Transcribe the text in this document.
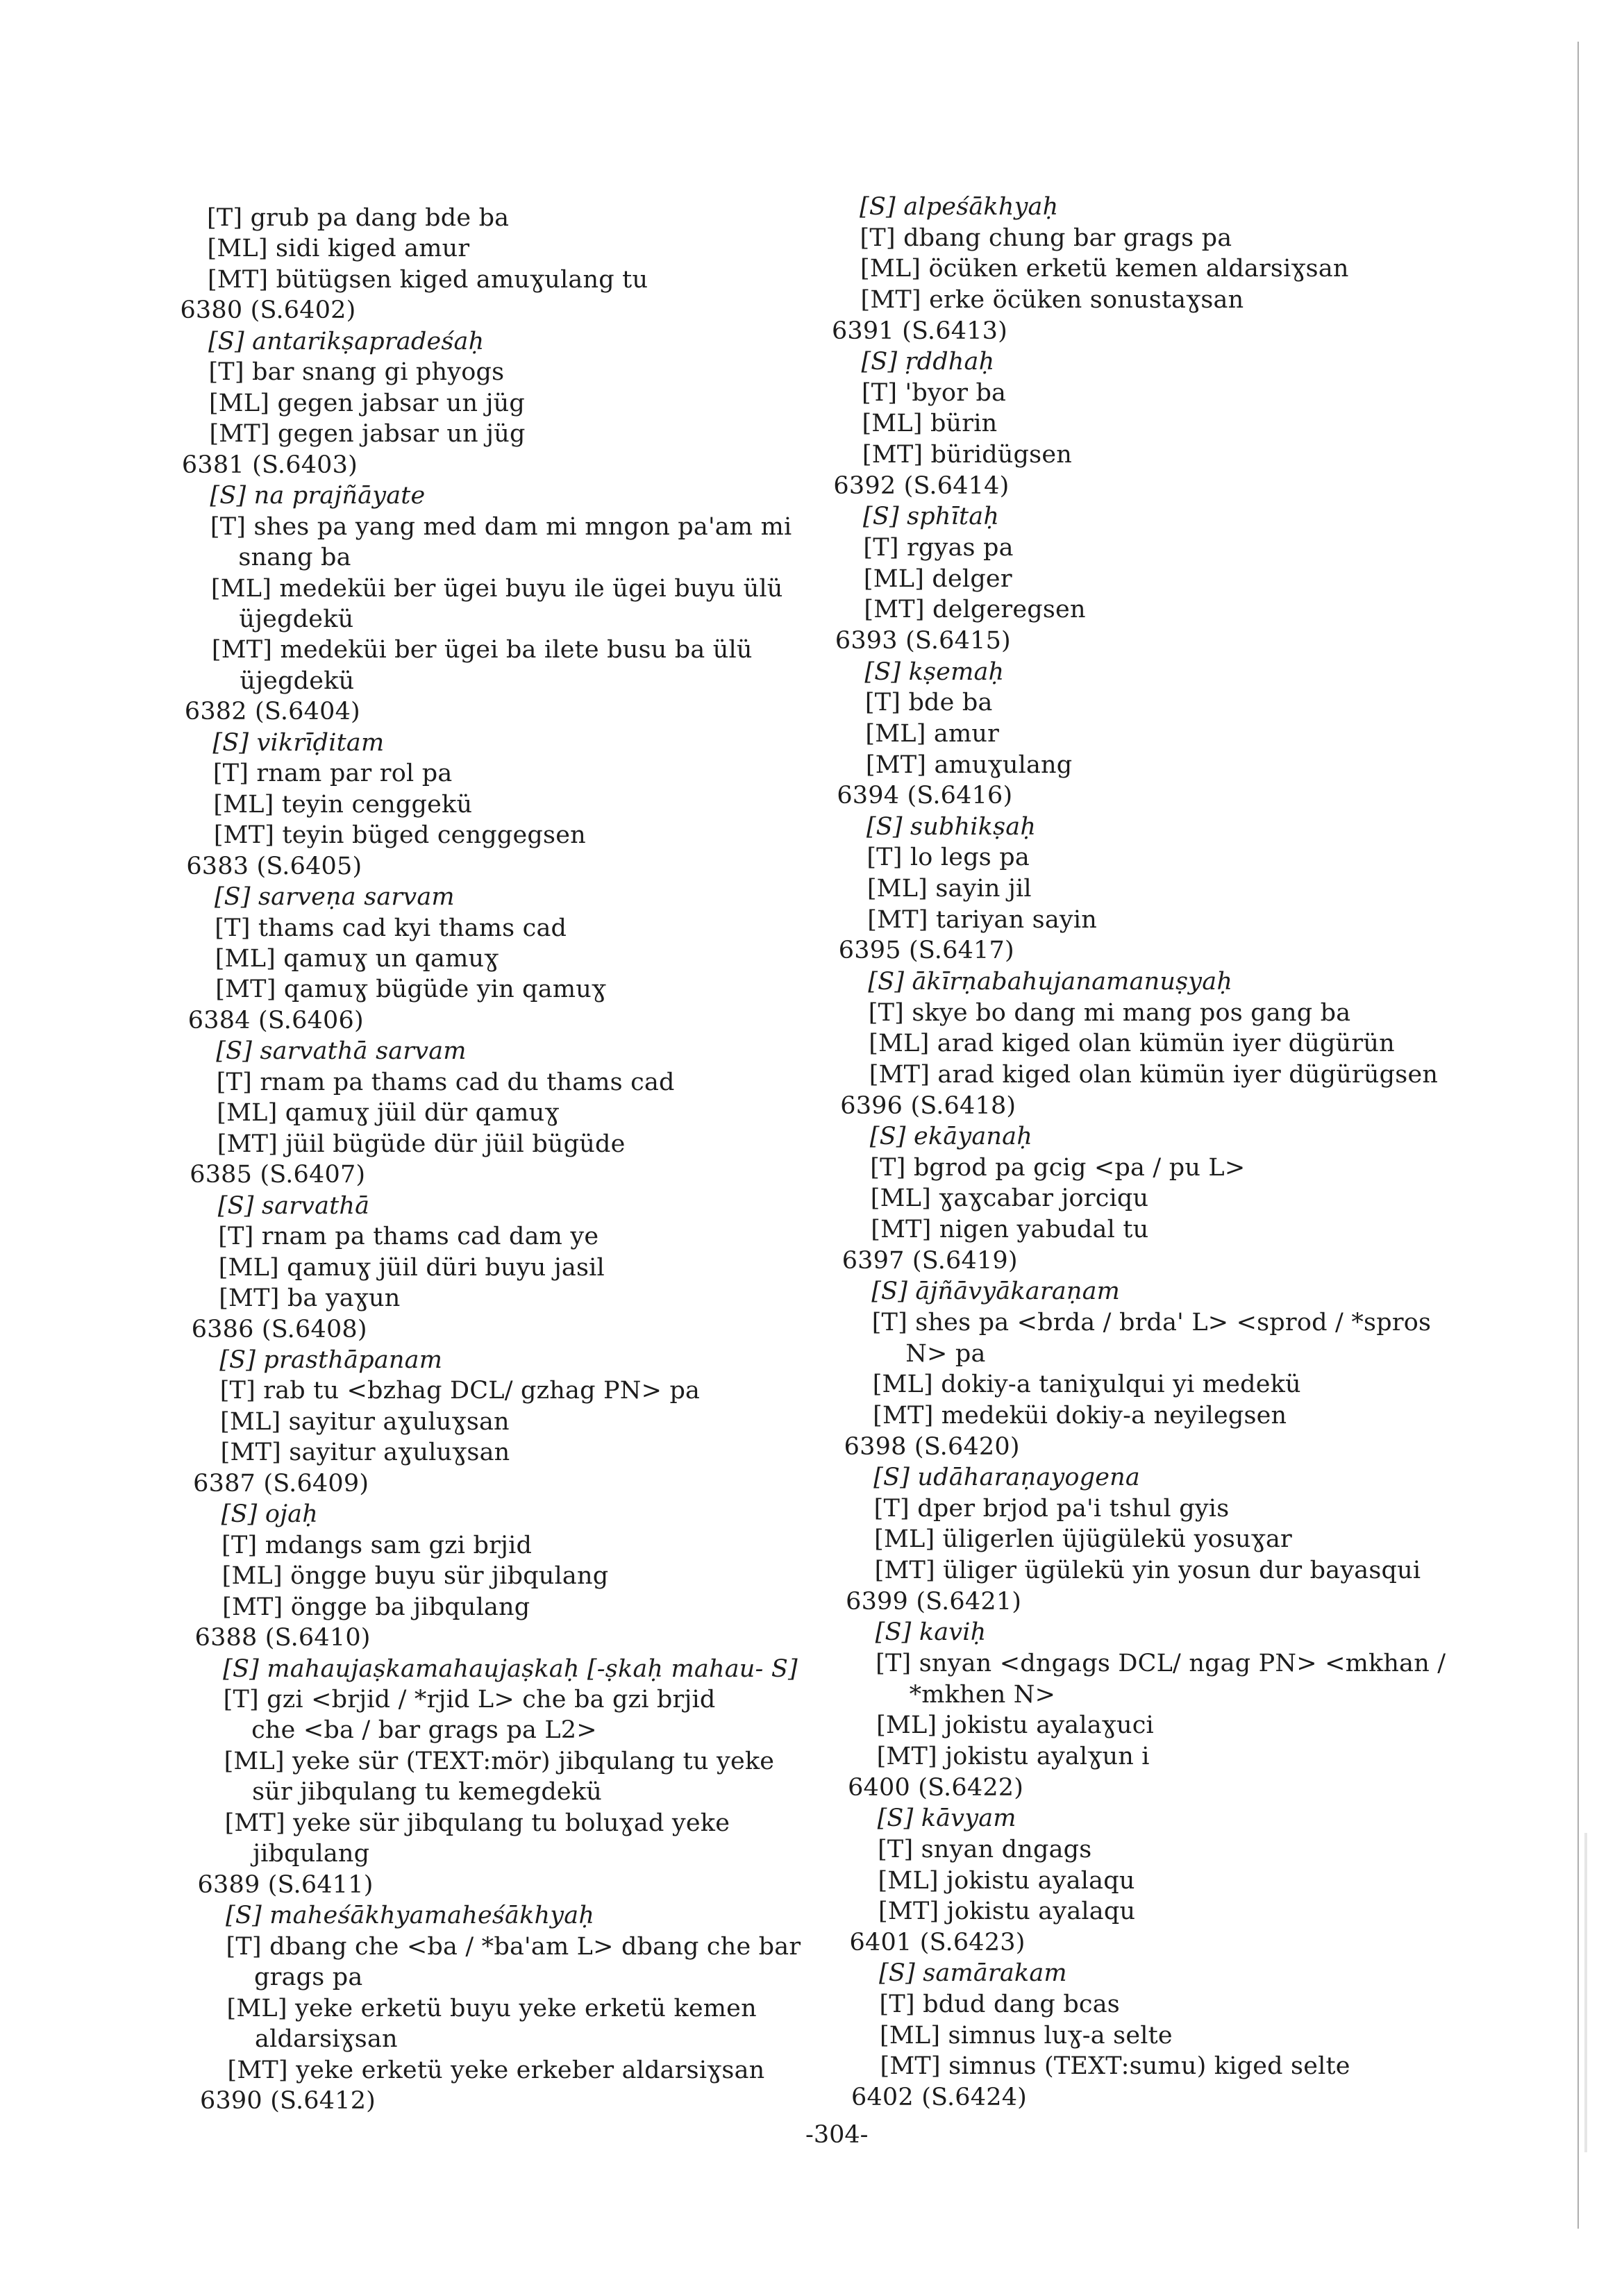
[T] grub pa dang bde ba
[ML] sidi kiged amur
[MT] bütügsen kiged amuɣulang tu
6380 (S.6402)
[S] antarikṣapradeśaḥ
[T] bar snang gi phyogs
[ML] gegen jabsar un jüg
[MT] gegen jabsar un jüg
6381 (S.6403)
[S] na prajñāyate
[T] shes pa yang med dam mi mngon pa'am mi
snang ba
[ML] medeküi ber ügei buyu ile ügei buyu ülü
üjegdekü
[MT] medeküi ber ügei ba ilete busu ba ülü
üjegdekü
6382 (S.6404)
[S] vikrīḍitam
[T] rnam par rol pa
[ML] teyin cenggekü
[MT] teyin büged cenggegsen
6383 (S.6405)
[S] sarveṇa sarvam
[T] thams cad kyi thams cad
[ML] qamuɣ un qamuɣ
[MT] qamuɣ bügüde yin qamuɣ
6384 (S.6406)
[S] sarvathā sarvam
[T] rnam pa thams cad du thams cad
[ML] qamuɣ jüil dür qamuɣ
[MT] jüil bügüde dür jüil bügüde
6385 (S.6407)
[S] sarvathā
[T] rnam pa thams cad dam ye
[ML] qamuɣ jüil düri buyu jasil
[MT] ba yaɣun
6386 (S.6408)
[S] prasthāpanam
[T] rab tu <bzhag DCL/ gzhag PN> pa
[ML] sayitur aɣuluɣsan
[MT] sayitur aɣuluɣsan
6387 (S.6409)
[S] ojaḥ
[T] mdangs sam gzi brjid
[ML] öngge buyu sür jibqulang
[MT] öngge ba jibqulang
6388 (S.6410)
[S] mahaujaṣkamahaujaṣkaḥ [-ṣkaḥ mahau- S]
[T] gzi <brjid / *rjid L> che ba gzi brjid
che <ba / bar grags pa L2>
[ML] yeke sür (TEXT:mör) jibqulang tu yeke
sür jibqulang tu kemegdekü
[MT] yeke sür jibqulang tu boluɣad yeke
jibqulang
6389 (S.6411)
[S] maheśākhyamaheśākhyaḥ
[T] dbang che <ba / *ba'am L> dbang che bar
grags pa
[ML] yeke erketü buyu yeke erketü kemen
aldarsiɣsan
[MT] yeke erketü yeke erkeber aldarsiɣsan
6390 (S.6412)
[S] alpeśākhyaḥ
[T] dbang chung bar grags pa
[ML] öcüken erketü kemen aldarsiɣsan
[MT] erke öcüken sonustaɣsan
6391 (S.6413)
[S] ṛddhaḥ
[T] 'byor ba
[ML] bürin
[MT] büridügsen
6392 (S.6414)
[S] sphītaḥ
[T] rgyas pa
[ML] delger
[MT] delgeregsen
6393 (S.6415)
[S] kṣemaḥ
[T] bde ba
[ML] amur
[MT] amuɣulang
6394 (S.6416)
[S] subhikṣaḥ
[T] lo legs pa
[ML] sayin jil
[MT] tariyan sayin
6395 (S.6417)
[S] ākīrṇabahujanamanuṣyaḥ
[T] skye bo dang mi mang pos gang ba
[ML] arad kiged olan kümün iyer dügürün
[MT] arad kiged olan kümün iyer dügürügsen
6396 (S.6418)
[S] ekāyanaḥ
[T] bgrod pa gcig <pa / pu L>
[ML] ɣaɣcabar jorciqu
[MT] nigen yabudal tu
6397 (S.6419)
[S] ājñāvyākaraṇam
[T] shes pa <brda / brda' L> <sprod / *spros
N> pa
[ML] dokiy-a taniɣulqui yi medekü
[MT] medeküi dokiy-a neyilegsen
6398 (S.6420)
[S] udāharaṇayogena
[T] dper brjod pa'i tshul gyis
[ML] üligerlen üjügülekü yosuɣar
[MT] üliger ügülekü yin yosun dur bayasqui
6399 (S.6421)
[S] kaviḥ
[T] snyan <dngags DCL/ ngag PN> <mkhan /
*mkhen N>
[ML] jokistu ayalaɣuci
[MT] jokistu ayalɣun i
6400 (S.6422)
[S] kāvyam
[T] snyan dngags
[ML] jokistu ayalaqu
[MT] jokistu ayalaqu
6401 (S.6423)
[S] samārakam
[T] bdud dang bcas
[ML] simnus luɣ-a selte
[MT] simnus (TEXT:sumu) kiged selte
6402 (S.6424)
-304-
